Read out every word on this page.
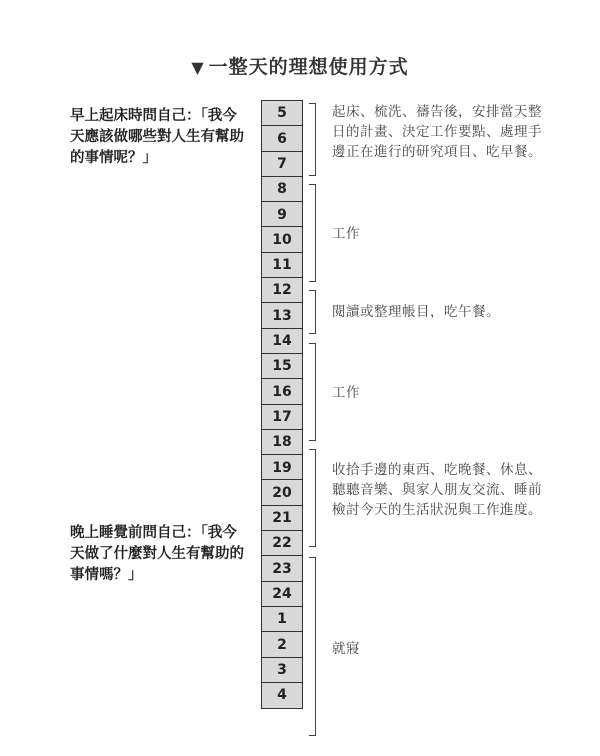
▼ 一整天的理想使用方式
早上起床時問自己：「我今天應該做哪些對人生有幫助的事情呢？」
晚上睡覺前問自己：「我今天做了什麼對人生有幫助的事情嗎？」
5
6
7
8
9
10
11
12
13
14
15
16
17
18
19
20
21
22
23
24
1
2
3
4
起床、梳洗、禱告後，安排當天整日的計畫、決定工作要點、處理手邊正在進行的研究項目、吃早餐。
工作
閱讀或整理帳目，吃午餐。
工作
收拾手邊的東西、吃晚餐、休息、聽聽音樂、與家人朋友交流、睡前檢討今天的生活狀況與工作進度。
就寢
